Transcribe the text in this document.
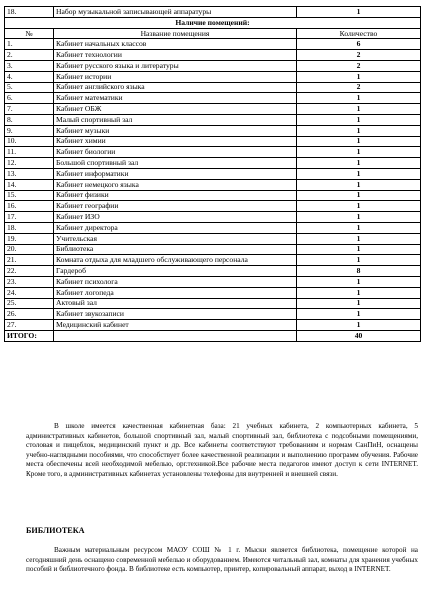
18.	Набор музыкальной записывающей аппаратуры	1
Наличие помещений:		
№	Название помещения	Количество
1.	Кабинет начальных классов	6
2.	Кабинет технологии	2
3.	Кабинет русского языка и литературы	2
4.	Кабинет истории	1
5.	Кабинет английского языка	2
6.	Кабинет математики	1
7.	Кабинет ОБЖ	1
8.	Малый спортивный зал	1
9.	Кабинет музыки	1
10.	Кабинет химии	1
11.	Кабинет биологии	1
12.	Большой спортивный зал	1
13.	Кабинет информатики	1
14.	Кабинет немецкого языка	1
15.	Кабинет физики	1
16.	Кабинет географии	1
17.	Кабинет ИЗО	1
18.	Кабинет директора	1
19.	Учительская	1
20.	Библиотека	1
21.	Комната отдыха для младшего обслуживающего персонала	1
22.	Гардероб	8
23.	Кабинет психолога	1
24.	Кабинет логопеда	1
25.	Актовый зал	1
26.	Кабинет звукозаписи	1
27.	Медицинский кабинет	1
ИТОГО:		40

В школе имеется качественная кабинетная база: 21 учебных кабинета, 2 компьютерных кабинета, 5 административных кабинетов, большой спортивный зал, малый спортивный зал, библиотека с подсобными помещениями, столовая и пищеблок, медицинский пункт и др. Все кабинеты соответствуют требованиям и нормам СанПиН, оснащены учебно-наглядными пособиями, что способствует более качественной реализации и выполнению программ обучения. Рабочие места обеспечены всей необходимой мебелью, орг.техникой.Все рабочие места педагогов имеют доступ к сети INTERNET. Кроме того, в административных кабинетах установлены телефоны для внутренней и внешней связи.

БИБЛИОТЕКА

Важным материальным ресурсом МАОУ СОШ № 1 г. Мыски является библиотека, помещение которой на сегодняшний день оснащено современной мебелью и оборудованием. Имеются читальный зал, комнаты для хранения учебных пособий и библиотечного фонда. В библиотеке есть компьютер, принтер, копировальный аппарат, выход в INTERNET.
